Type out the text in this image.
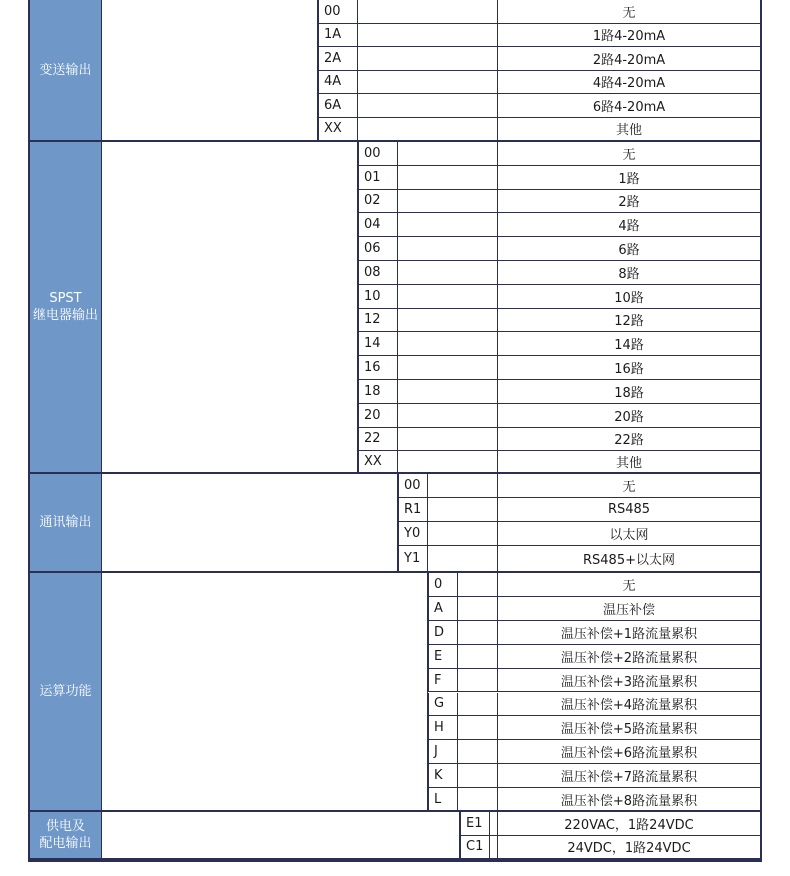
变送输出
00	无
1A	1路4-20mA
2A	2路4-20mA
4A	4路4-20mA
6A	6路4-20mA
XX	其他
SPST
继电器输出
00	无
01	1路
02	2路
04	4路
06	6路
08	8路
10	10路
12	12路
14	14路
16	16路
18	18路
20	20路
22	22路
XX	其他
通讯输出
00	无
R1	RS485
Y0	以太网
Y1	RS485+以太网
运算功能
0	无
A	温压补偿
D	温压补偿+1路流量累积
E	温压补偿+2路流量累积
F	温压补偿+3路流量累积
G	温压补偿+4路流量累积
H	温压补偿+5路流量累积
J	温压补偿+6路流量累积
K	温压补偿+7路流量累积
L	温压补偿+8路流量累积
供电及
配电输出
E1	220VAC，1路24VDC
C1	24VDC，1路24VDC
